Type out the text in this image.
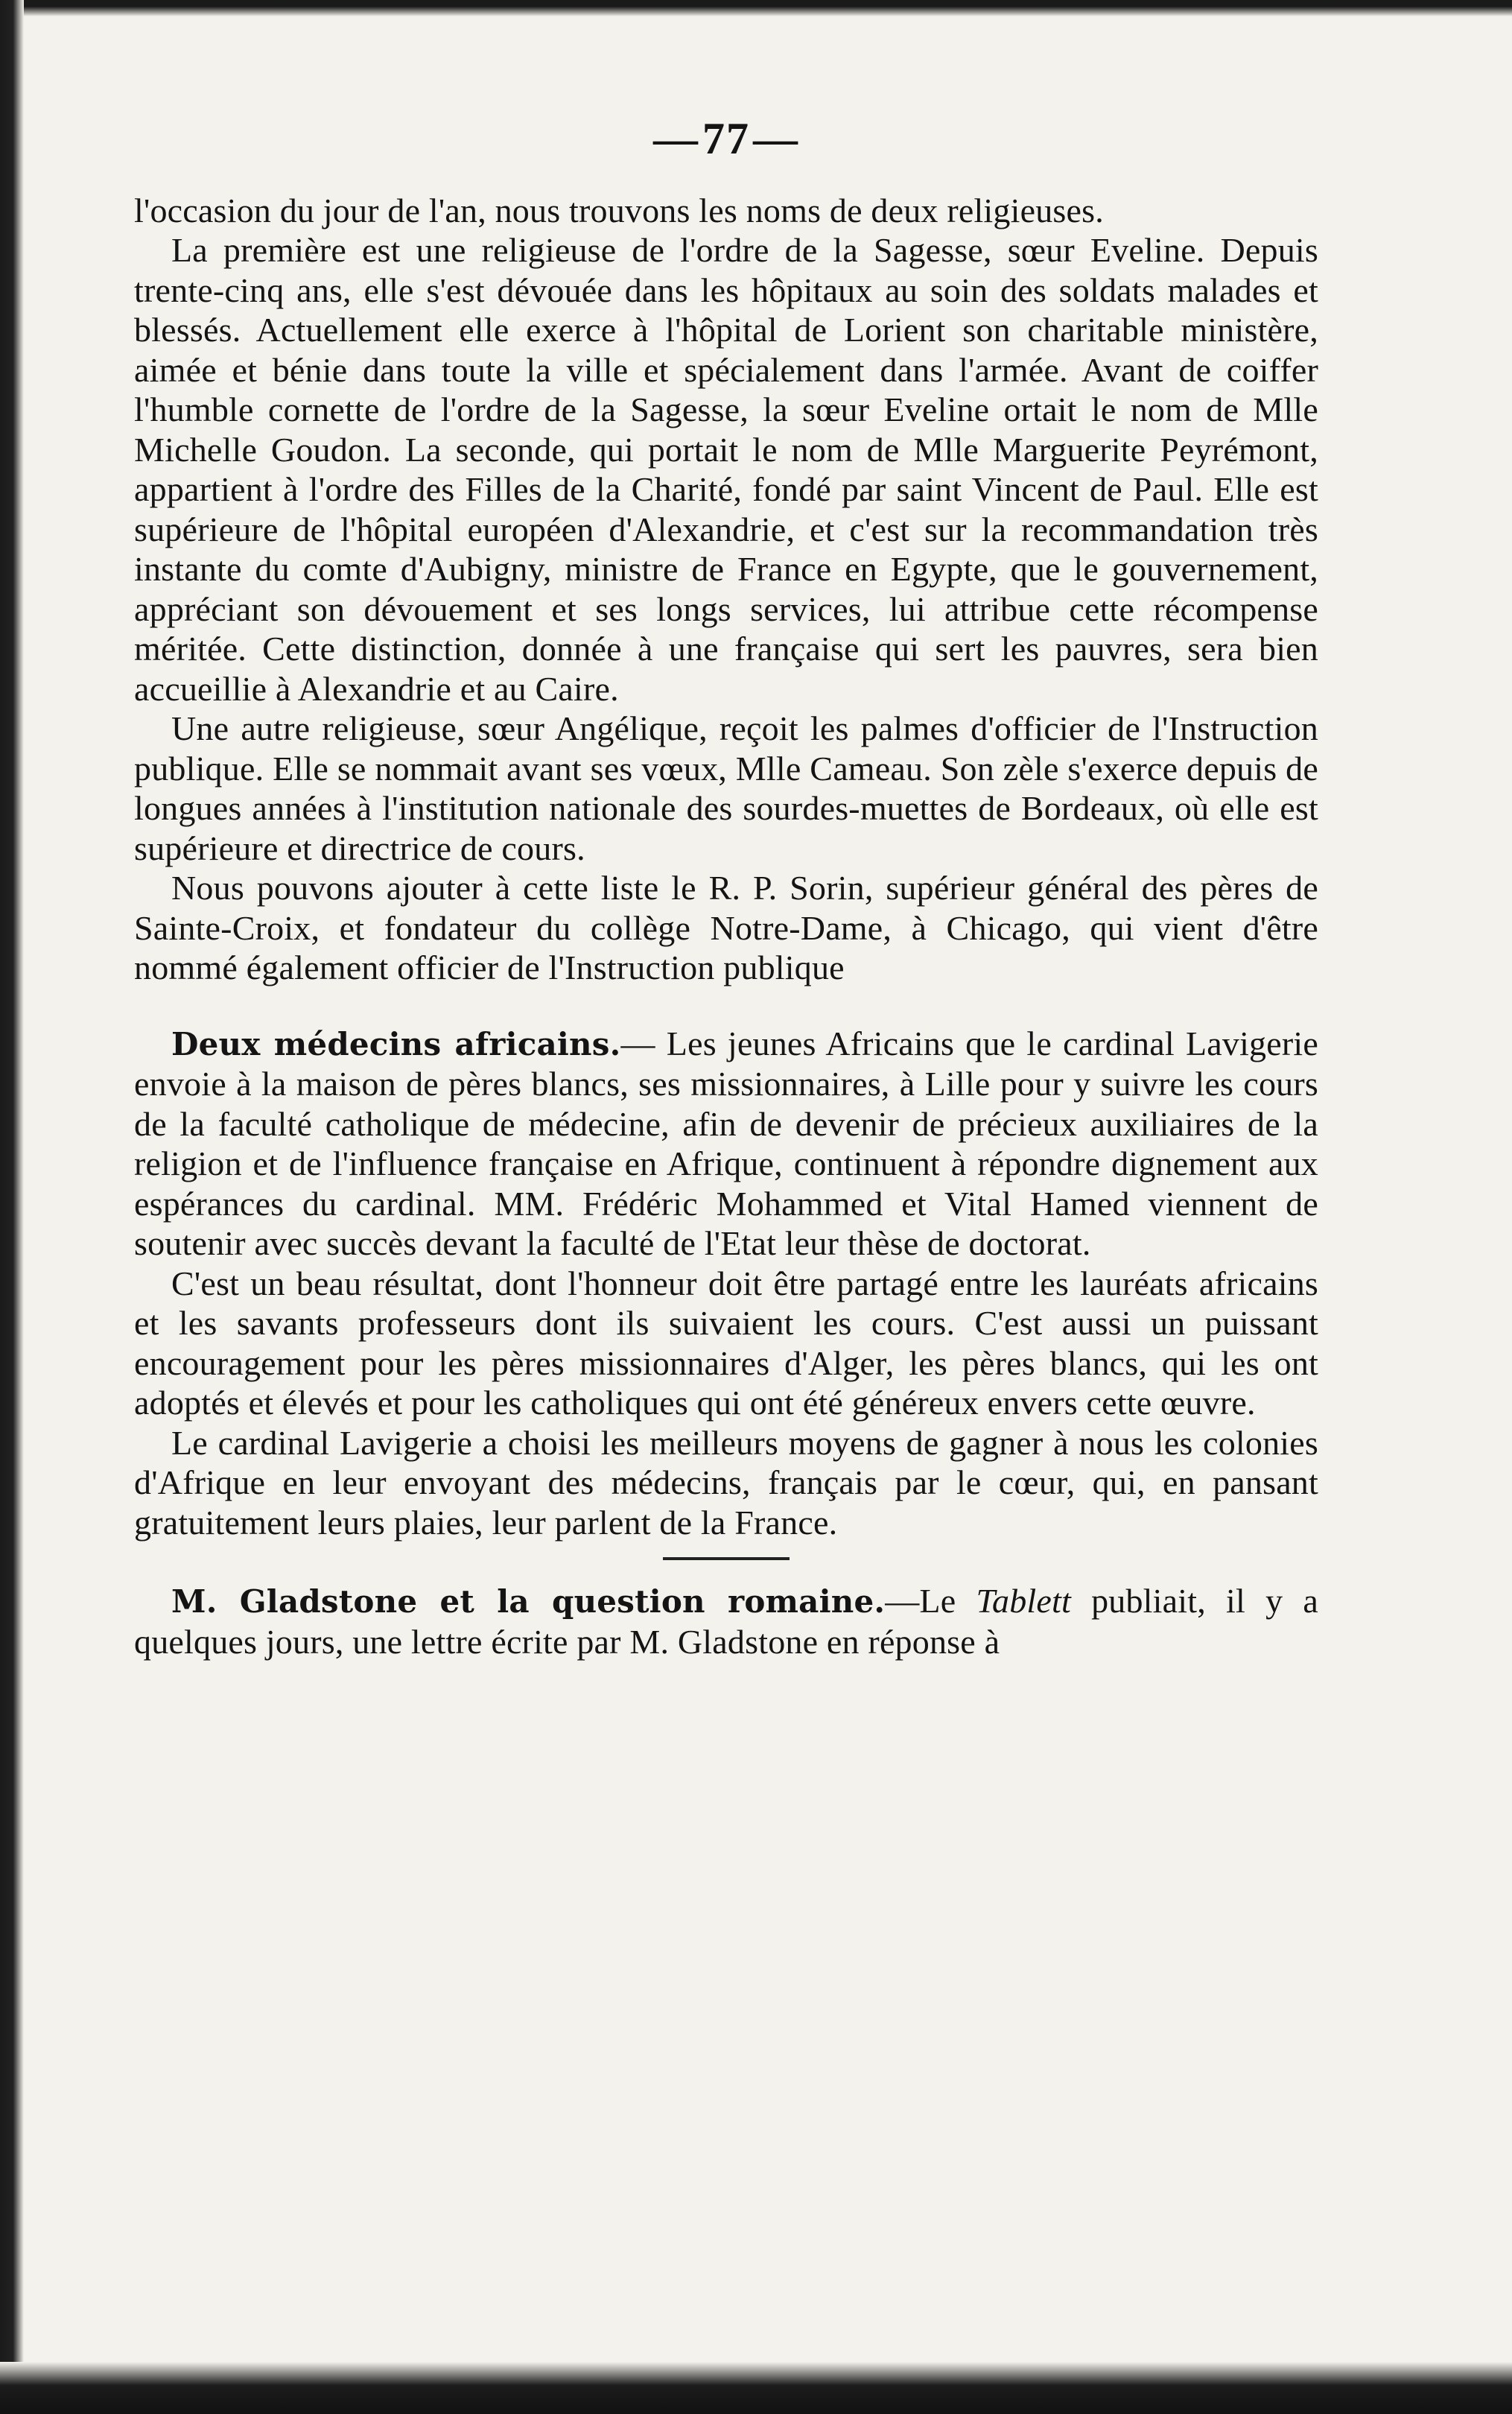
— 77 —

l'occasion du jour de l'an, nous trouvons les noms de deux religieuses.

La première est une religieuse de l'ordre de la Sagesse, sœur Eveline. Depuis trente-cinq ans, elle s'est dévouée dans les hôpitaux au soin des soldats malades et blessés. Actuellement elle exerce à l'hôpital de Lorient son charitable ministère, aimée et bénie dans toute la ville et spécialement dans l'armée. Avant de coiffer l'humble cornette de l'ordre de la Sagesse, la sœur Eveline ortait le nom de Mlle Michelle Goudon. La seconde, qui portait le nom de Mlle Marguerite Peyrémont, appartient à l'ordre des Filles de la Charité, fondé par saint Vincent de Paul. Elle est supérieure de l'hôpital européen d'Alexandrie, et c'est sur la recommandation très instante du comte d'Aubigny, ministre de France en Egypte, que le gouvernement, appréciant son dévouement et ses longs services, lui attribue cette récompense méritée. Cette distinction, donnée à une française qui sert les pauvres, sera bien accueillie à Alexandrie et au Caire.

Une autre religieuse, sœur Angélique, reçoit les palmes d'officier de l'Instruction publique. Elle se nommait avant ses vœux, Mlle Cameau. Son zèle s'exerce depuis de longues années à l'institution nationale des sourdes-muettes de Bordeaux, où elle est supérieure et directrice de cours.

Nous pouvons ajouter à cette liste le R. P. Sorin, supérieur général des pères de Sainte-Croix, et fondateur du collège Notre-Dame, à Chicago, qui vient d'être nommé également officier de l'Instruction publique

Deux médecins africains.— Les jeunes Africains que le cardinal Lavigerie envoie à la maison de pères blancs, ses missionnaires, à Lille pour y suivre les cours de la faculté catholique de médecine, afin de devenir de précieux auxiliaires de la religion et de l'influence française en Afrique, continuent à répondre dignement aux espérances du cardinal. MM. Frédéric Mohammed et Vital Hamed viennent de soutenir avec succès devant la faculté de l'Etat leur thèse de doctorat.

C'est un beau résultat, dont l'honneur doit être partagé entre les lauréats africains et les savants professeurs dont ils suivaient les cours. C'est aussi un puissant encouragement pour les pères missionnaires d'Alger, les pères blancs, qui les ont adoptés et élevés et pour les catholiques qui ont été généreux envers cette œuvre.

Le cardinal Lavigerie a choisi les meilleurs moyens de gagner à nous les colonies d'Afrique en leur envoyant des médecins, français par le cœur, qui, en pansant gratuitement leurs plaies, leur parlent de la France.

M. Gladstone et la question romaine.—Le Tablett publiait, il y a quelques jours, une lettre écrite par M. Gladstone en réponse à
